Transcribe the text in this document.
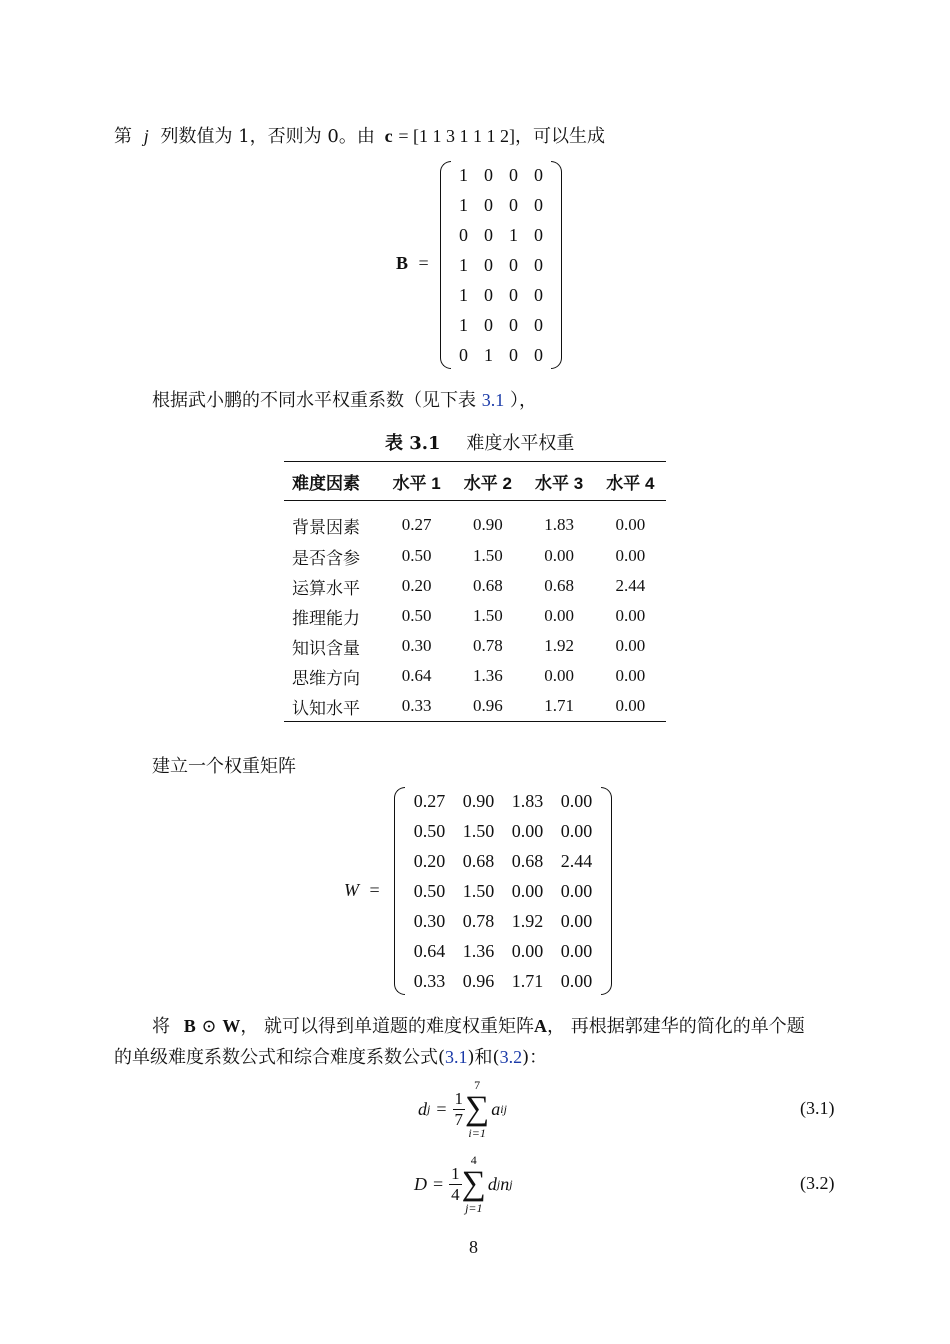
第 j 列数值为 1，否则为 0。由 c = [1 1 3 1 1 1 2]，可以生成
B =
1 0 0 0
1 0 0 0
0 0 1 0
1 0 0 0
1 0 0 0
1 0 0 0
0 1 0 0
根据武小鹏的不同水平权重系数（见下表 3.1 ），
表 3.1 难度水平权重
难度因素	水平 1	水平 2	水平 3	水平 4
背景因素	0.27	0.90	1.83	0.00
是否含参	0.50	1.50	0.00	0.00
运算水平	0.20	0.68	0.68	2.44
推理能力	0.50	1.50	0.00	0.00
知识含量	0.30	0.78	1.92	0.00
思维方向	0.64	1.36	0.00	0.00
认知水平	0.33	0.96	1.71	0.00
建立一个权重矩阵
W =
0.27 0.90 1.83 0.00
0.50 1.50 0.00 0.00
0.20 0.68 0.68 2.44
0.50 1.50 0.00 0.00
0.30 0.78 1.92 0.00
0.64 1.36 0.00 0.00
0.33 0.96 1.71 0.00
将 B ⊙ W， 就可以得到单道题的难度权重矩阵A， 再根据郭建华的简化的单个题
的单级难度系数公式和综合难度系数公式(3.1)和(3.2)：
d $j = \frac{1}{7}$
7
∑
i=1
a ij	(3.1)
$D = \frac{1}{4}$
4
∑
j=1
d j n j	(3.2)
8
